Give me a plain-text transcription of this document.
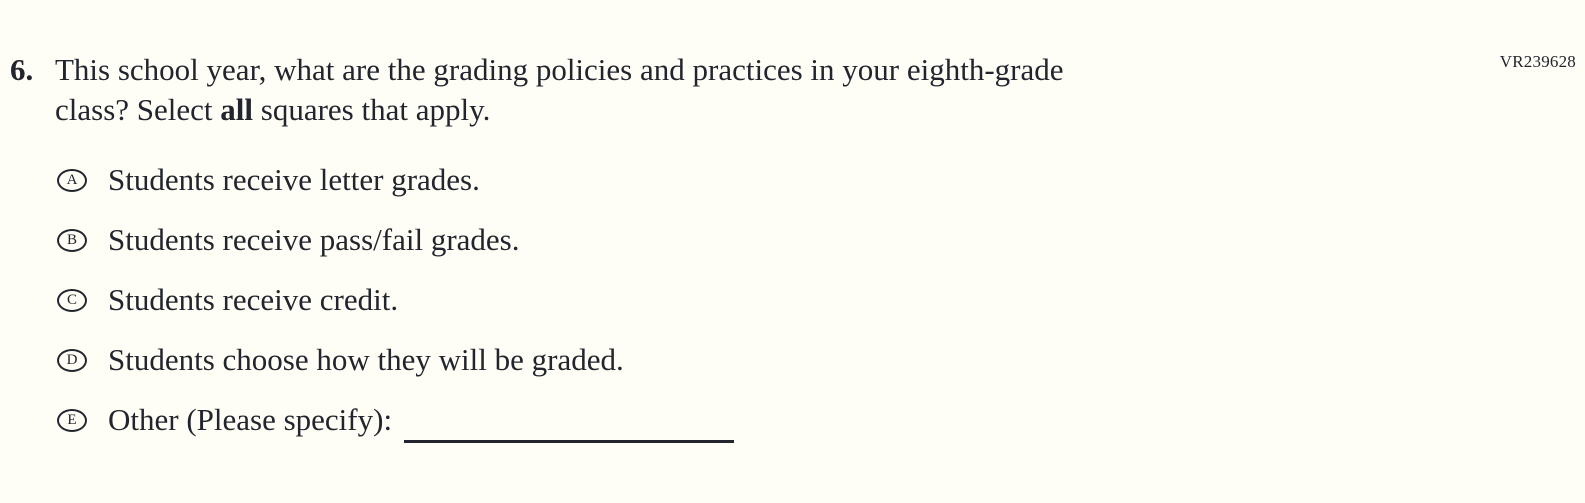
VR239628
6. This school year, what are the grading policies and practices in your eighth-grade
class? Select all squares that apply.
A Students receive letter grades.
B	Students receive pass/fail grades.
C	Students receive credit.
D Students choose how they will be graded.
E	Other (Please specify):
